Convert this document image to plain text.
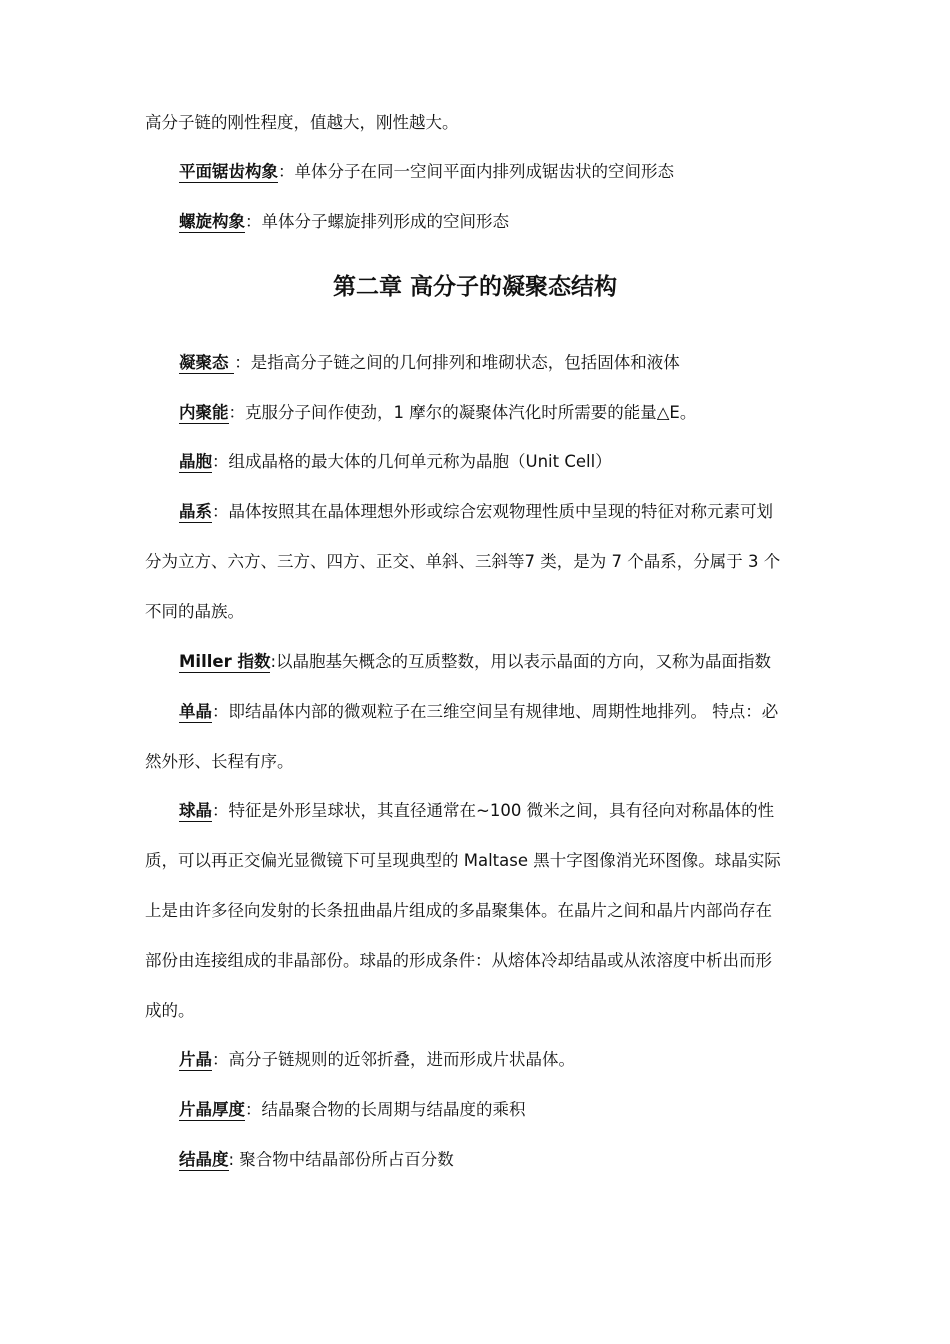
高分子链的刚性程度，值越大，刚性越大。
平面锯齿构象：单体分子在同一空间平面内排列成锯齿状的空间形态
螺旋构象：单体分子螺旋排列形成的空间形态
第二章 高分子的凝聚态结构
凝聚态 ：是指高分子链之间的几何排列和堆砌状态，包括固体和液体
内聚能：克服分子间作使劲，1 摩尔的凝聚体汽化时所需要的能量△E。
晶胞：组成晶格的最大体的几何单元称为晶胞（Unit Cell）
晶系：晶体按照其在晶体理想外形或综合宏观物理性质中呈现的特征对称元素可划
分为立方、六方、三方、四方、正交、单斜、三斜等7 类，是为 7 个晶系，分属于 3 个
不同的晶族。
Miller 指数:以晶胞基矢概念的互质整数，用以表示晶面的方向，又称为晶面指数
单晶：即结晶体内部的微观粒子在三维空间呈有规律地、周期性地排列。 特点：必
然外形、长程有序。
球晶：特征是外形呈球状，其直径通常在~100 微米之间，具有径向对称晶体的性
质，可以再正交偏光显微镜下可呈现典型的 Maltase 黑十字图像消光环图像。球晶实际
上是由许多径向发射的长条扭曲晶片组成的多晶聚集体。在晶片之间和晶片内部尚存在
部份由连接组成的非晶部份。球晶的形成条件：从熔体冷却结晶或从浓溶度中析出而形
成的。
片晶：高分子链规则的近邻折叠，进而形成片状晶体。
片晶厚度：结晶聚合物的长周期与结晶度的乘积
结晶度: 聚合物中结晶部份所占百分数
